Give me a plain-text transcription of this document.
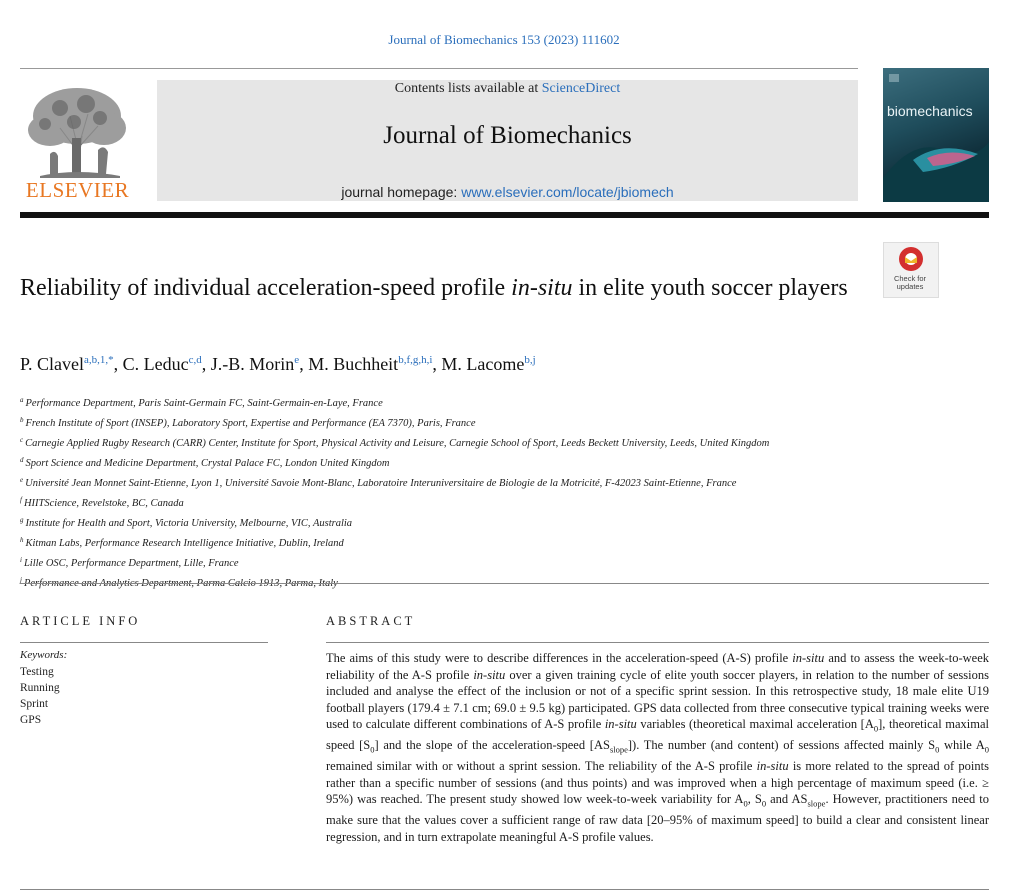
Journal of Biomechanics 153 (2023) 111602
ELSEVIER
Contents lists available at ScienceDirect
Journal of Biomechanics
journal homepage: www.elsevier.com/locate/jbiomech
biomechanics
Check for
updates
Reliability of individual acceleration-speed profile in-situ in elite youth soccer players
P. Clavel$^{a,b,1,*}$, C. Leduc$^{c,d}$, J.-B. Morin$^e$, M. Buchheit$^{b,f,g,h,i}$, M. Lacome$^{b,j}$
$^a$ Performance Department, Paris Saint-Germain FC, Saint-Germain-en-Laye, France
$^b$ French Institute of Sport (INSEP), Laboratory Sport, Expertise and Performance (EA 7370), Paris, France
$^c$ Carnegie Applied Rugby Research (CARR) Center, Institute for Sport, Physical Activity and Leisure, Carnegie School of Sport, Leeds Beckett University, Leeds, United Kingdom
$^d$ Sport Science and Medicine Department, Crystal Palace FC, London United Kingdom
$^e$ Université Jean Monnet Saint-Etienne, Lyon 1, Université Savoie Mont-Blanc, Laboratoire Interuniversitaire de Biologie de la Motricité, F-42023 Saint-Etienne, France
$^f$ HIITScience, Revelstoke, BC, Canada
$^g$ Institute for Health and Sport, Victoria University, Melbourne, VIC, Australia
$^h$ Kitman Labs, Performance Research Intelligence Initiative, Dublin, Ireland
$^i$ Lille OSC, Performance Department, Lille, France
$^j$
ARTICLE INFO
Keywords:
Testing
Running
Sprint
GPS
ABSTRACT
The aims of this study were to describe differences in the acceleration-speed (A-S) profile in-situ and to assess the week-to-week reliability of the A-S profile in-situ over a given training cycle of elite youth soccer players, in relation to the number of sessions included and analyse the effect of the inclusion or not of a specific sprint session. In this retrospective study, 18 male elite U19 football players (179.4 ± 7.1 cm; 69.0 ± 9.5 kg) participated. GPS data collected from three consecutive typical training weeks were used to calculate different combinations of A-S profile in-situ variables (theoretical maximal acceleration $[A_0]$, theoretical maximal speed $[S_0]$ and the slope of the acceleration-speed $[AS_{slope}]$). The number (and content) of sessions affected mainly $S_0$ while $A_0$ remained similar with or without a sprint session. The reliability of the A-S profile in-situ is more related to the spread of points rather than a specific number of sessions (and thus points) and was improved when a high percentage of maximum speed (i.e. ≥ 95%) was reached. The present study showed low week-to-week variability for $A_0$, $S_0$ and $AS_{slope}$. However, practitioners need to make sure that the values cover a sufficient range of raw data [20–95% of maximum speed] to build a clear and consistent linear regression, and in turn extrapolate meaningful A-S profile values.
